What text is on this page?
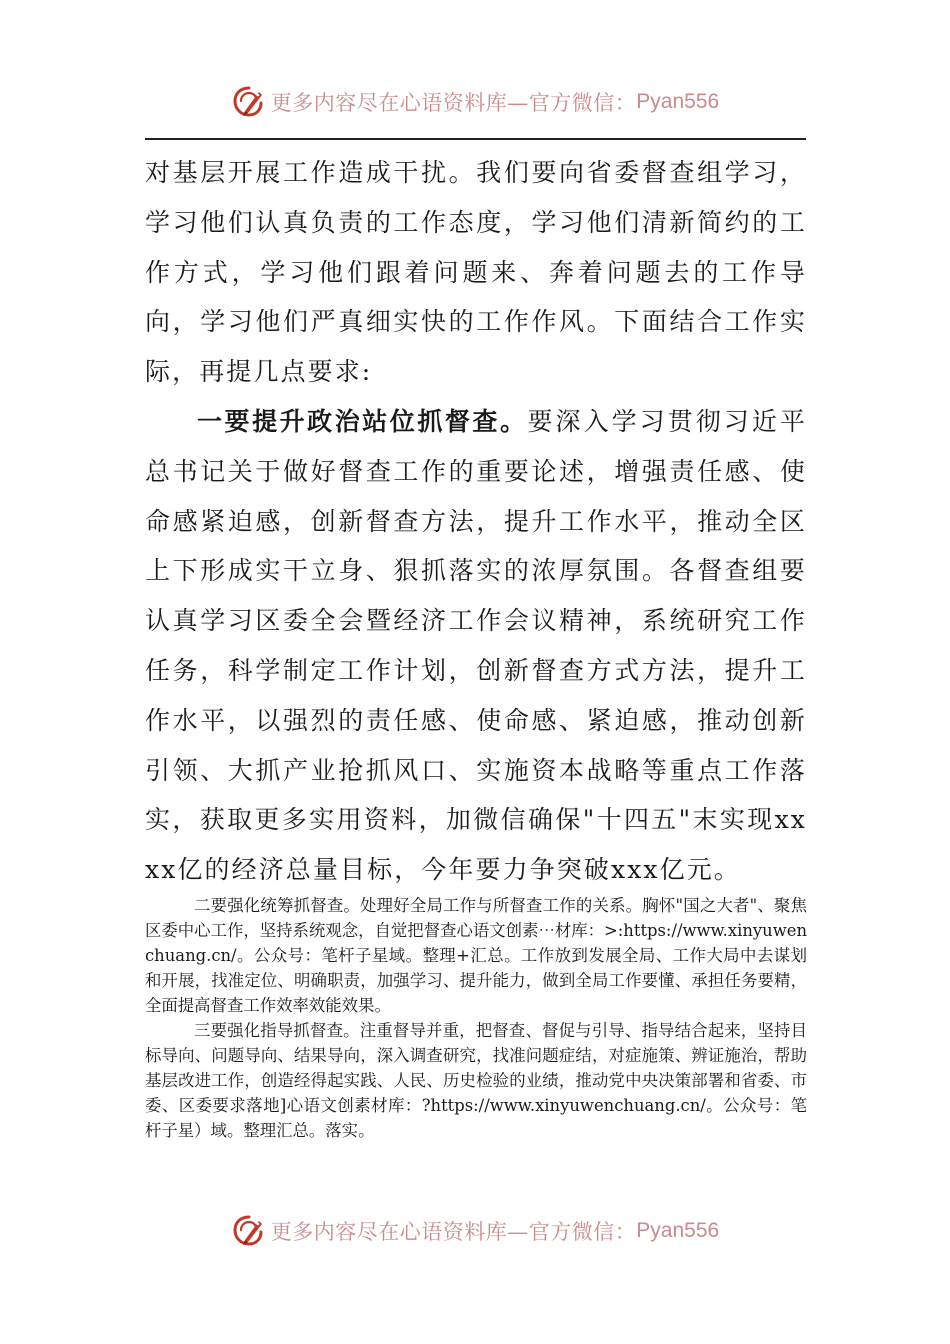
更多内容尽在心语资料库—官方微信： Pyan556

对基层开展工作造成干扰。我们要向省委督查组学习，学习他们认真负责的工作态度，学习他们清新简约的工作方式，学习他们跟着问题来、奔着问题去的工作导向，学习他们严真细实快的工作作风。下面结合工作实际，再提几点要求:

一要提升政治站位抓督查。要深入学习贯彻习近平总书记关于做好督查工作的重要论述，增强责任感、使命感紧迫感，创新督查方法，提升工作水平，推动全区上下形成实干立身、狠抓落实的浓厚氛围。各督查组要认真学习区委全会暨经济工作会议精神，系统研究工作任务，科学制定工作计划，创新督查方式方法，提升工作水平，以强烈的责任感、使命感、紧迫感，推动创新引领、大抓产业抢抓风口、实施资本战略等重点工作落实，获取更多实用资料，加微信确保"十四五"末实现xxxx亿的经济总量目标，今年要力争突破xxx亿元。

二要强化统筹抓督查。处理好全局工作与所督查工作的关系。胸怀"国之大者"、聚焦区委中心工作，坚持系统观念，自觉把督查心语文创素⋯材库：>:https://www.xinyuwenchuang.cn/。公众号：笔杆子星域。整理+汇总。工作放到发展全局、工作大局中去谋划和开展，找准定位、明确职责，加强学习、提升能力，做到全局工作要懂、承担任务要精，全面提高督查工作效率效能效果。

三要强化指导抓督查。注重督导并重，把督查、督促与引导、指导结合起来，坚持目标导向、问题导向、结果导向，深入调查研究，找准问题症结，对症施策、辨证施治，帮助基层改进工作，创造经得起实践、人民、历史检验的业绩，推动党中央决策部署和省委、市委、区委要求落地]心语文创素材库：?https://www.xinyuwenchuang.cn/。公众号：笔杆子星）域。整理汇总。落实。

更多内容尽在心语资料库—官方微信： Pyan556
